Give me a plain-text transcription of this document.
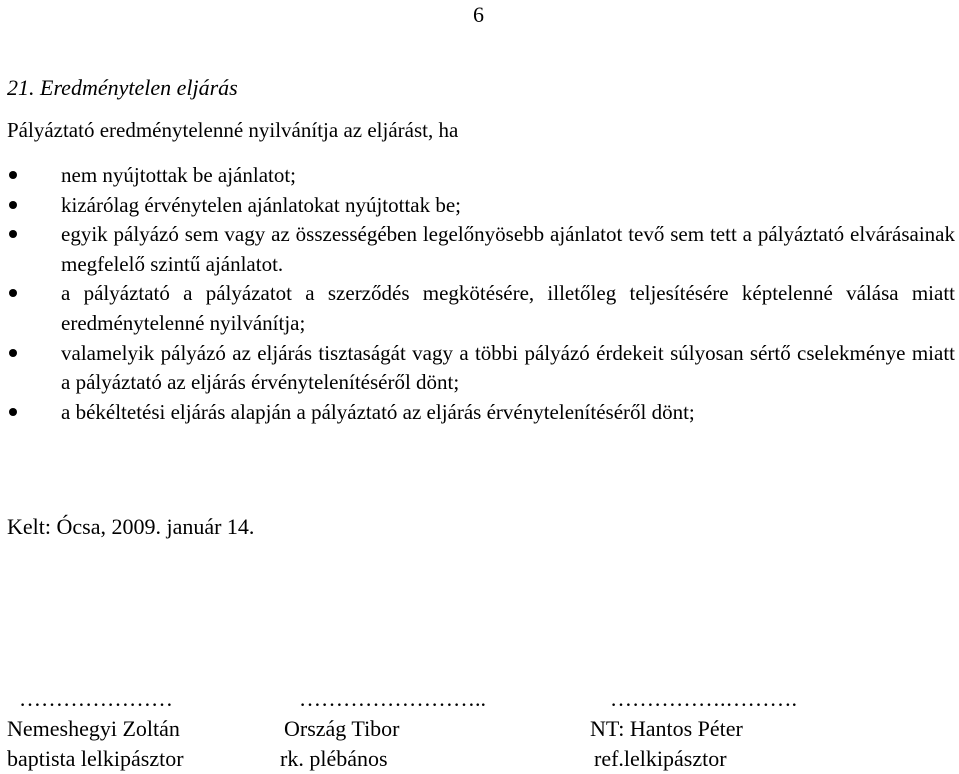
6
21. Eredménytelen eljárás
Pályáztató eredménytelenné nyilvánítja az eljárást, ha
nem nyújtottak be ajánlatot;
kizárólag érvénytelen ajánlatokat nyújtottak be;
egyik pályázó sem vagy az összességében legelőnyösebb ajánlatot tevő sem tett a pályáztató elvárásainak megfelelő szintű ajánlatot.
a pályáztató a pályázatot a szerződés megkötésére, illetőleg teljesítésére képtelenné válása miatt eredménytelenné nyilvánítja;
valamelyik pályázó az eljárás tisztaságát vagy a többi pályázó érdekeit súlyosan sértő cselekménye miatt a pályáztató az eljárás érvénytelenítéséről dönt;
a békéltetési eljárás alapján a pályáztató az eljárás érvénytelenítéséről dönt;
Kelt: Ócsa, 2009. január 14.
…………………
Nemeshegyi Zoltán
baptista lelkipásztor
……………………..
Ország Tibor
rk. plébános
…………….……….
NT: Hantos Péter
ref.lelkipásztor
